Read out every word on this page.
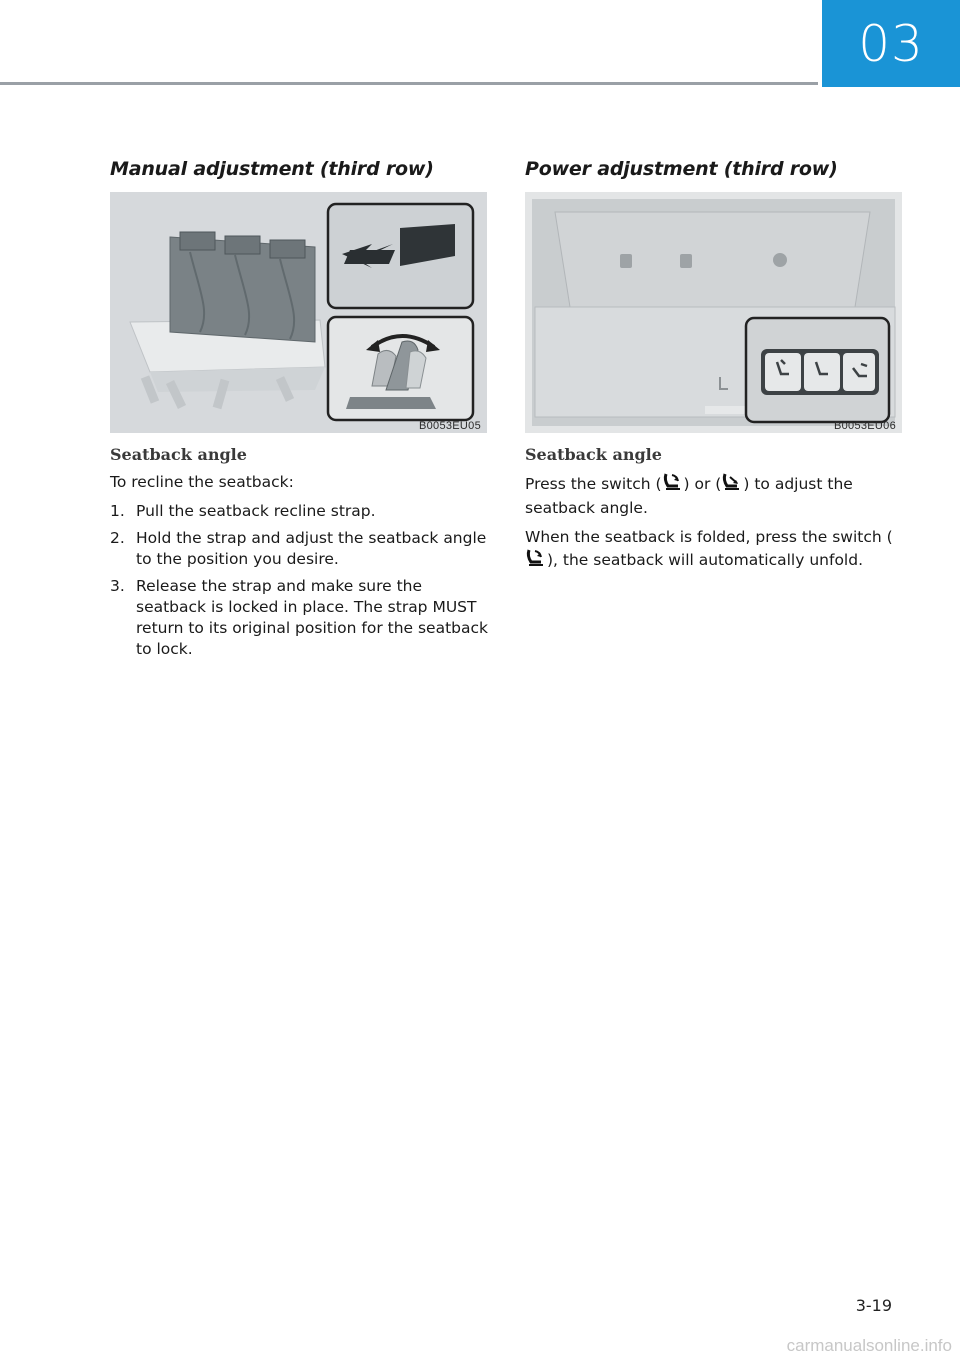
03
Manual adjustment (third row)
B0053EU05
Seatback angle

To recline the seatback:

1. Pull the seatback recline strap.
2. Hold the strap and adjust the seatback angle to the position you desire.
3. Release the strap and make sure the seatback is locked in place. The strap MUST return to its original position for the seatback to lock.
Power adjustment (third row)
B0053EU06
Seatback angle

Press the switch ( ) or ( ) to adjust the seatback angle.

When the seatback is folded, press the switch (), the seatback will automatically unfold.

3-19
carmanualsonline.info
